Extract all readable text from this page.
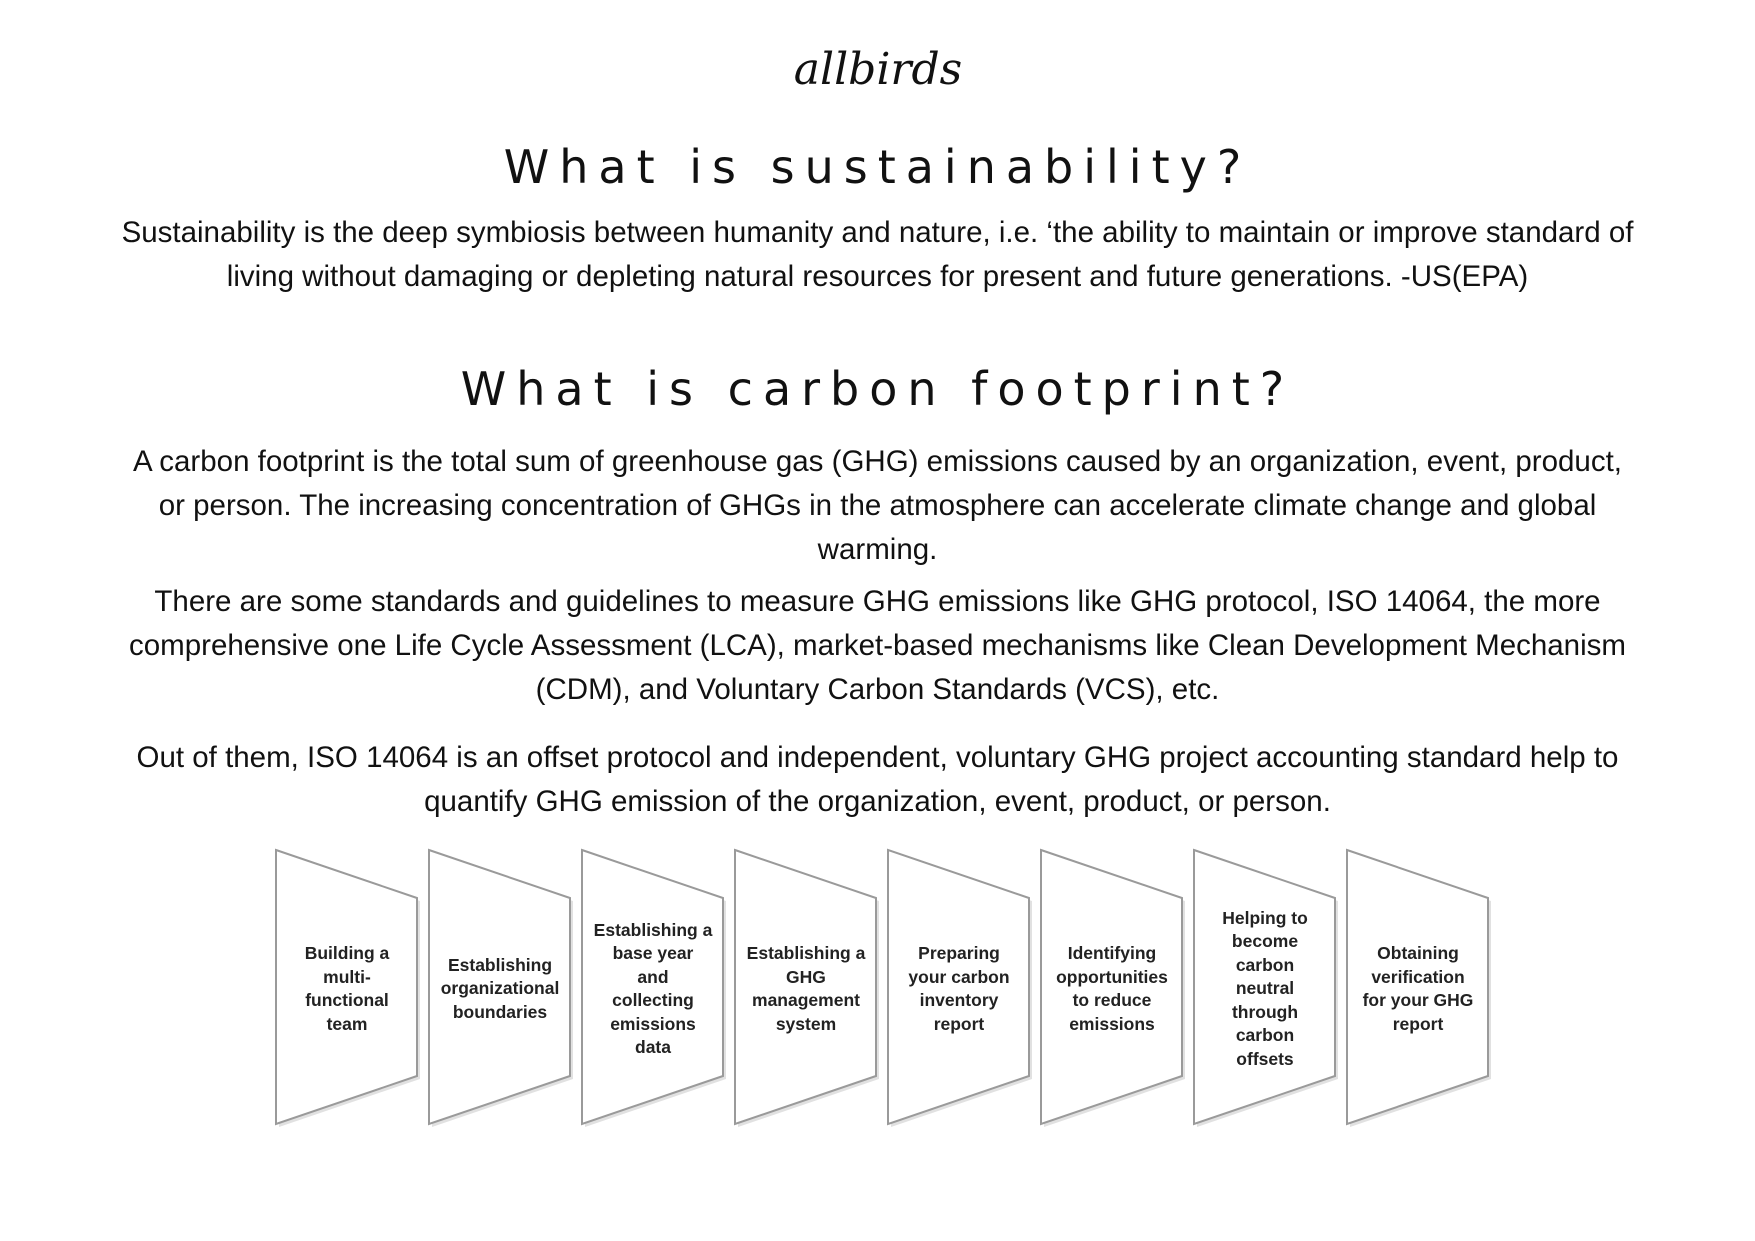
allbirds
What is sustainability?

Sustainability is the deep symbiosis between humanity and nature, i.e. ‘the ability to maintain or improve standard of living without damaging or depleting natural resources for present and future generations. -US(EPA)

What is carbon footprint?

A carbon footprint is the total sum of greenhouse gas (GHG) emissions caused by an organization, event, product, or person. The increasing concentration of GHGs in the atmosphere can accelerate climate change and global warming.

There are some standards and guidelines to measure GHG emissions like GHG protocol, ISO 14064, the more comprehensive one Life Cycle Assessment (LCA), market-based mechanisms like Clean Development Mechanism (CDM), and Voluntary Carbon Standards (VCS), etc.

Out of them, ISO 14064 is an offset protocol and independent, voluntary GHG project accounting standard help to quantify GHG emission of the organization, event, product, or person.

Building a
multi-
functional
team
Establishing
organizational
boundaries
Establishing a
base year
and
collecting
emissions
data
Establishing a
GHG
management
system
Preparing
your carbon
inventory
report
Identifying
opportunities
to reduce
emissions
Helping to
become
carbon
neutral
through
carbon
offsets
Obtaining
verification
for your GHG
report
